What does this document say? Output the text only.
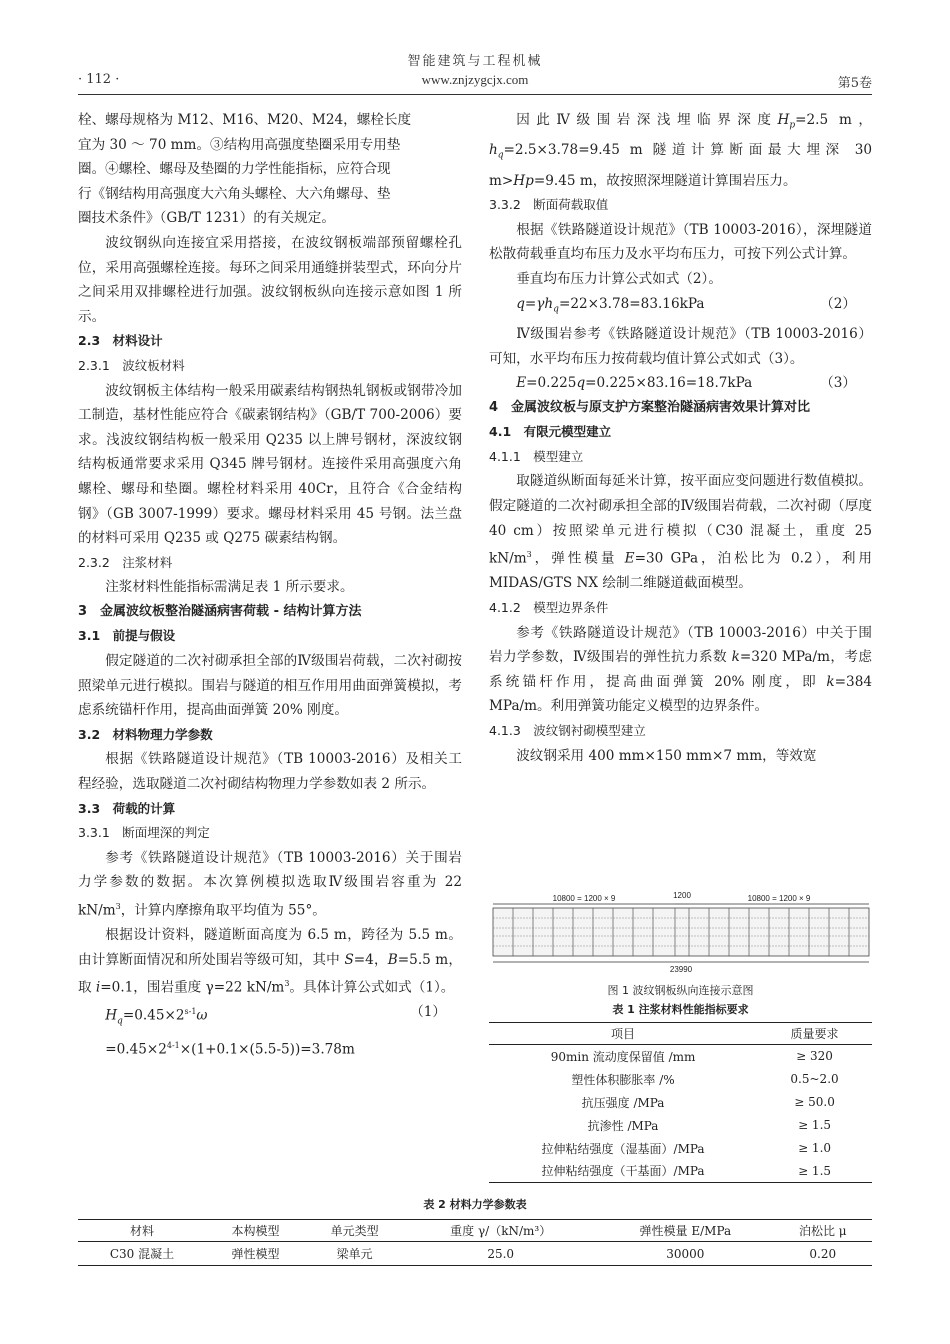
智能建筑与工程机械
· 112 ·	www.znjzygcjx.com	第5卷

栓、螺母规格为 M12、M16、M20、M24，螺栓长度

宜为 30 ～ 70 mm。③结构用高强度垫圈采用专用垫

圈。④螺栓、螺母及垫圈的力学性能指标，应符合现

行《钢结构用高强度大六角头螺栓、大六角螺母、垫

圈技术条件》（GB/T 1231）的有关规定。

波纹钢纵向连接宜采用搭接，在波纹钢板端部预留螺栓孔位，采用高强螺栓连接。每环之间采用通缝拼装型式，环向分片之间采用双排螺栓进行加强。波纹钢板纵向连接示意如图 1 所示。

2.3　材料设计

2.3.1　波纹板材料

波纹钢板主体结构一般采用碳素结构钢热轧钢板或钢带冷加工制造，基材性能应符合《碳素钢结构》（GB/T 700-2006）要求。浅波纹钢结构板一般采用 Q235 以上牌号钢材，深波纹钢结构板通常要求采用 Q345 牌号钢材。连接件采用高强度六角螺栓、螺母和垫圈。螺栓材料采用 40Cr，且符合《合金结构钢》（GB 3007-1999）要求。螺母材料采用 45 号钢。法兰盘的材料可采用 Q235 或 Q275 碳素结构钢。

2.3.2　注浆材料

注浆材料性能指标需满足表 1 所示要求。

3　金属波纹板整治隧涵病害荷载 - 结构计算方法

3.1　前提与假设

假定隧道的二次衬砌承担全部的Ⅳ级围岩荷载，二次衬砌按照梁单元进行模拟。围岩与隧道的相互作用用曲面弹簧模拟，考虑系统锚杆作用，提高曲面弹簧 20% 刚度。

3.2　材料物理力学参数

根据《铁路隧道设计规范》（TB 10003-2016）及相关工程经验，选取隧道二次衬砌结构物理力学参数如表 2 所示。

3.3　荷载的计算

3.3.1　断面埋深的判定

参考《铁路隧道设计规范》（TB 10003-2016）关于围岩力学参数的数据。本次算例模拟选取Ⅳ级围岩容重为 22 $kN/m^3$，计算内摩擦角取平均值为 55°。

根据设计资料，隧道断面高度为 6.5 m，跨径为 5.5 m。由计算断面情况和所处围岩等级可知，其中 S=4，B=5.5 m，取 i=0.1，围岩重度 γ=22 $kN/m^3$。具体计算公式如式（1）。

$H_q=0.45\times 2^{s-1}\omega$	（1）
$=0.45\times 2^{4-1}\times(1+0.1\times(5.5-5))=3.78m$

因此Ⅳ级围岩深浅埋临界深度$H_p=2.5$ m，$h_q=2.5\times 3.78=9.45$ m 隧道计算断面最大埋深 30 m>Hp=9.45 m，故按照深埋隧道计算围岩压力。

3.3.2　断面荷载取值

根据《铁路隧道设计规范》（TB 10003-2016），深埋隧道松散荷载垂直均布压力及水平均布压力，可按下列公式计算。

垂直均布压力计算公式如式（2）。

$q=\gamma h_q=22\times 3.78=83.16kPa$	（2）

Ⅳ级围岩参考《铁路隧道设计规范》（TB 10003-2016）可知，水平均布压力按荷载均值计算公式如式（3）。

E=0.225q=0.225×83.16=18.7kPa	（3）

4　金属波纹板与原支护方案整治隧涵病害效果计算对比

4.1　有限元模型建立

4.1.1　模型建立

取隧道纵断面每延米计算，按平面应变问题进行数值模拟。假定隧道的二次衬砌承担全部的Ⅳ级围岩荷载，二次衬砌（厚度 40 cm）按照梁单元进行模拟（C30 混凝土，重度 25 $kN/m^3$，弹性模量 E=30 GPa，泊松比为 0.2），利用 MIDAS/GTS NX 绘制二维隧道截面模型。

4.1.2　模型边界条件

参考《铁路隧道设计规范》（TB 10003-2016）中关于围岩力学参数，Ⅳ级围岩的弹性抗力系数 k=320 MPa/m，考虑系统锚杆作用，提高曲面弹簧 20% 刚度，即 k=384 MPa/m。利用弹簧功能定义模型的边界条件。

4.1.3　波纹钢衬砌模型建立

波纹钢采用 400 mm×150 mm×7 mm，等效宽

10800 = 1200 × 9	1200	10800 = 1200 × 9
23990
图 1 波纹钢板纵向连接示意图
表 1 注浆材料性能指标要求
项目	质量要求
90min 流动度保留值 /mm	≥ 320
塑性体积膨胀率 /%	0.5~2.0
抗压强度 /MPa	≥ 50.0
抗渗性 /MPa	≥ 1.5
拉伸粘结强度（湿基面）/MPa	≥ 1.0
拉伸粘结强度（干基面）/MPa	≥ 1.5
表 2 材料力学参数表
材料	本构模型	单元类型	重度 γ/（kN/m³）	弹性模量 E/MPa	泊松比 μ
C30 混凝土	弹性模型	梁单元	25.0	30000	0.20
